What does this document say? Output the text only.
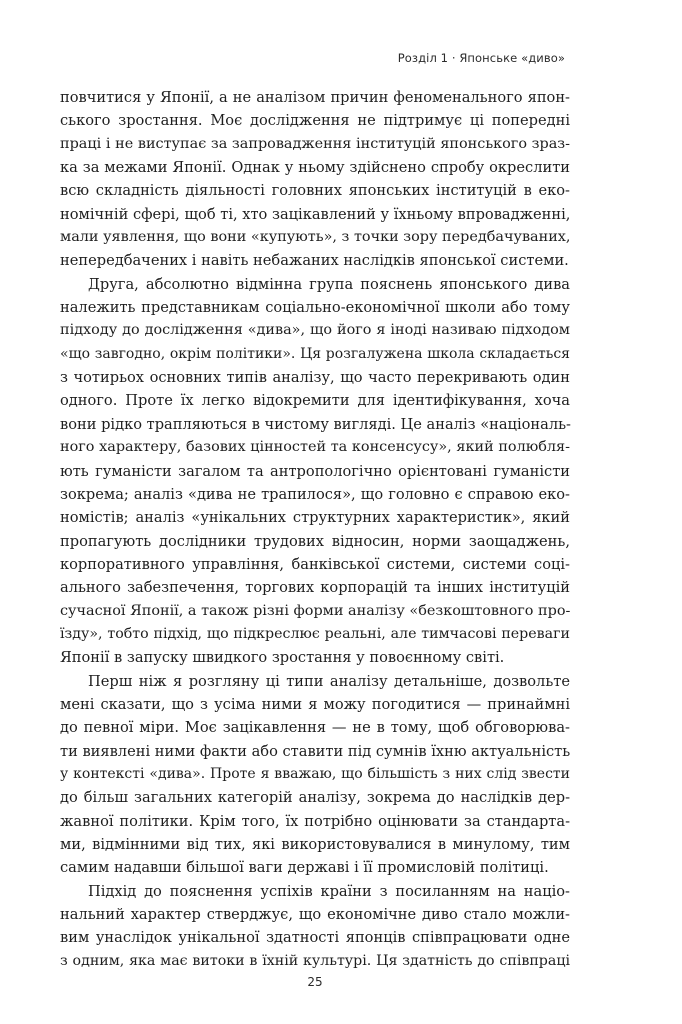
Розділ 1 · Японське «диво»
повчитися у Японії, а не аналізом причин феноменального япон-
ського зростання. Моє дослідження не підтримує ці попередні
праці і не виступає за запровадження інституцій японського зраз-
ка за межами Японії. Однак у ньому здійснено спробу окреслити
всю складність діяльності головних японських інституцій в еко-
номічній сфері, щоб ті, хто зацікавлений у їхньому впровадженні,
мали уявлення, що вони «купують», з точки зору передбачуваних,
непередбачених і навіть небажаних наслідків японської системи.
Друга, абсолютно відмінна група пояснень японського дива
належить представникам соціально-економічної школи або тому
підходу до дослідження «дива», що його я іноді називаю підходом
«що завгодно, окрім політики». Ця розгалужена школа складається
з чотирьох основних типів аналізу, що часто перекривають один
одного. Проте їх легко відокремити для ідентифікування, хоча
вони рідко трапляються в чистому вигляді. Це аналіз «національ-
ного характеру, базових цінностей та консенсусу», який полюбля-
ють гуманісти загалом та антропологічно орієнтовані гуманісти
зокрема; аналіз «дива не трапилося», що головно є справою еко-
номістів; аналіз «унікальних структурних характеристик», який
пропагують дослідники трудових відносин, норми заощаджень,
корпоративного управління, банківської системи, системи соці-
ального забезпечення, торгових корпорацій та інших інституцій
сучасної Японії, а також різні форми аналізу «безкоштовного про-
їзду», тобто підхід, що підкреслює реальні, але тимчасові переваги
Японії в запуску швидкого зростання у повоєнному світі.
Перш ніж я розгляну ці типи аналізу детальніше, дозвольте
мені сказати, що з усіма ними я можу погодитися — принаймні
до певної міри. Моє зацікавлення — не в тому, щоб обговорюва-
ти виявлені ними факти або ставити під сумнів їхню актуальність
у контексті «дива». Проте я вважаю, що більшість з них слід звести
до більш загальних категорій аналізу, зокрема до наслідків дер-
жавної політики. Крім того, їх потрібно оцінювати за стандарта-
ми, відмінними від тих, які використовувалися в минулому, тим
самим надавши більшої ваги державі і її промисловій політиці.
Підхід до пояснення успіхів країни з посиланням на націо-
нальний характер стверджує, що економічне диво стало можли-
вим унаслідок унікальної здатності японців співпрацювати одне
з одним, яка має витоки в їхній культурі. Ця здатність до співпраці
25
